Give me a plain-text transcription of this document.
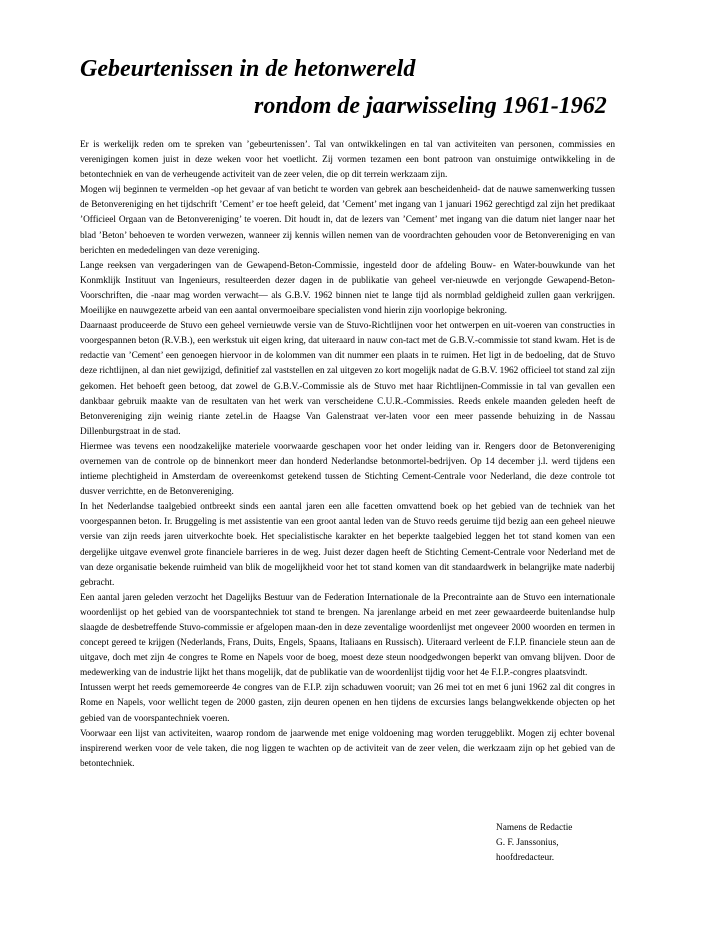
Gebeurtenissen in de hetonwereld
rondom de jaarwisseling 1961-1962

Er is werkelijk reden om te spreken van ’gebeurtenissen’. Tal van ontwikkelingen en tal van activiteiten van personen, commissies en verenigingen komen juist in deze weken voor het voetlicht. Zij vormen tezamen een bont patroon van onstuimige ontwikkeling in de betontechniek en van de verheugende activiteit van de zeer velen, die op dit terrein werkzaam zijn.

Mogen wij beginnen te vermelden -op het gevaar af van beticht te worden van gebrek aan bescheidenheid- dat de nauwe samenwerking tussen de Betonvereniging en het tijdschrift ’Cement’ er toe heeft geleid, dat ’Cement’ met ingang van 1 januari 1962 gerechtigd zal zijn het predikaat ’Officieel Orgaan van de Betonvereniging’ te voeren. Dit houdt in, dat de lezers van ’Cement’ met ingang van die datum niet langer naar het blad ’Beton’ behoeven te worden verwezen, wanneer zij kennis willen nemen van de voordrachten gehouden voor de Betonvereniging en van berichten en mededelingen van deze vereniging.

Lange reeksen van vergaderingen van de Gewapend-Beton-Commissie, ingesteld door de afdeling Bouw- en Water-bouwkunde van het Konmklijk Instituut van Ingenieurs, resulteerden dezer dagen in de publikatie van geheel ver-nieuwde en verjongde Gewapend-Beton-Voorschriften, die -naar mag worden verwacht— als G.B.V. 1962 binnen niet te lange tijd als normblad geldigheid zullen gaan verkrijgen. Moeilijke en nauwgezette arbeid van een aantal onvermoeibare specialisten vond hierin zijn voorlopige bekroning.

Daarnaast produceerde de Stuvo een geheel vernieuwde versie van de Stuvo-Richtlijnen voor het ontwerpen en uit-voeren van constructies in voorgespannen beton (R.V.B.), een werkstuk uit eigen kring, dat uiteraard in nauw con-tact met de G.B.V.-commissie tot stand kwam. Het is de redactie van ’Cement’ een genoegen hiervoor in de kolommen van dit nummer een plaats in te ruimen. Het ligt in de bedoeling, dat de Stuvo deze richtlijnen, al dan niet gewijzigd, definitief zal vaststellen en zal uitgeven zo kort mogelijk nadat de G.B.V. 1962 officieel tot stand zal zijn gekomen. Het behoeft geen betoog, dat zowel de G.B.V.-Commissie als de Stuvo met haar Richtlijnen-Commissie in tal van gevallen een dankbaar gebruik maakte van de resultaten van het werk van verscheidene C.U.R.-Commissies. Reeds enkele maanden geleden heeft de Betonvereniging zijn weinig riante zetel.in de Haagse Van Galenstraat ver-laten voor een meer passende behuizing in de Nassau Dillenburgstraat in de stad.

Hiermee was tevens een noodzakelijke materiele voorwaarde geschapen voor het onder leiding van ir. Rengers door de Betonvereniging overnemen van de controle op de binnenkort meer dan honderd Nederlandse betonmortel-bedrijven. Op 14 december j.l. werd tijdens een intieme plechtigheid in Amsterdam de overeenkomst getekend tussen de Stichting Cement-Centrale voor Nederland, die deze controle tot dusver verrichtte, en de Betonvereniging.

In het Nederlandse taalgebied ontbreekt sinds een aantal jaren een alle facetten omvattend boek op het gebied van de techniek van het voorgespannen beton. Ir. Bruggeling is met assistentie van een groot aantal leden van de Stuvo reeds geruime tijd bezig aan een geheel nieuwe versie van zijn reeds jaren uitverkochte boek. Het specialistische karakter en het beperkte taalgebied leggen het tot stand komen van een dergelijke uitgave evenwel grote financiele barrieres in de weg. Juist dezer dagen heeft de Stichting Cement-Centrale voor Nederland met de van deze organisatie bekende ruimheid van blik de mogelijkheid voor het tot stand komen van dit standaardwerk in belangrijke mate naderbij gebracht.

Een aantal jaren geleden verzocht het Dagelijks Bestuur van de Federation Internationale de la Precontrainte aan de Stuvo een internationale woordenlijst op het gebied van de voorspantechniek tot stand te brengen. Na jarenlange arbeid en met zeer gewaardeerde buitenlandse hulp slaagde de desbetreffende Stuvo-commissie er afgelopen maan-den in deze zeventalige woordenlijst met ongeveer 2000 woorden en termen in concept gereed te krijgen (Nederlands, Frans, Duits, Engels, Spaans, Italiaans en Russisch). Uiteraard verleent de F.I.P. financiele steun aan de uitgave, doch met zijn 4e congres te Rome en Napels voor de boeg, moest deze steun noodgedwongen beperkt van omvang blijven. Door de medewerking van de industrie lijkt het thans mogelijk, dat de publikatie van de woordenlijst tijdig voor het 4e F.I.P.-congres plaatsvindt.

Intussen werpt het reeds gememoreerde 4e congres van de F.I.P. zijn schaduwen vooruit; van 26 mei tot en met 6 juni 1962 zal dit congres in Rome en Napels, voor wellicht tegen de 2000 gasten, zijn deuren openen en hen tijdens de excursies langs belangwekkende objecten op het gebied van de voorspantechniek voeren.

Voorwaar een lijst van activiteiten, waarop rondom de jaarwende met enige voldoening mag worden teruggeblikt. Mogen zij echter bovenal inspirerend werken voor de vele taken, die nog liggen te wachten op de activiteit van de zeer velen, die werkzaam zijn op het gebied van de betontechniek.

Namens de Redactie
G. F. Janssonius,
hoofdredacteur.
